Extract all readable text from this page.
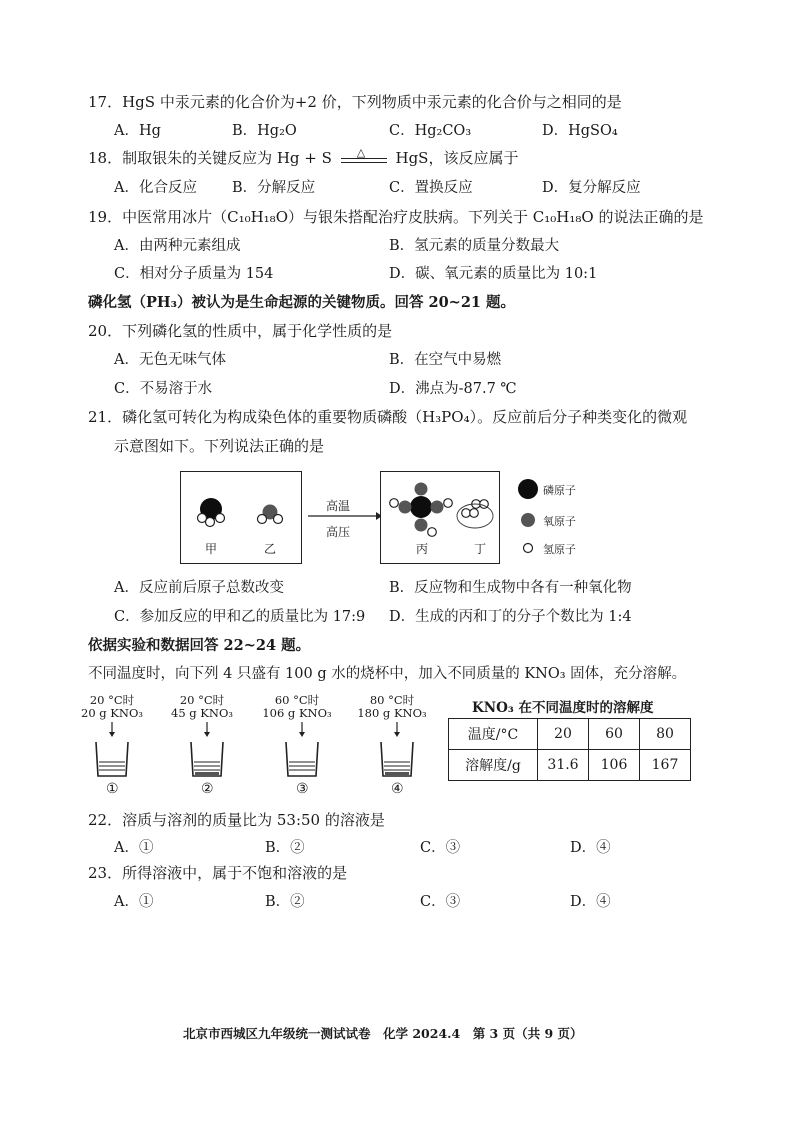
17．HgS 中汞元素的化合价为+2 价，下列物质中汞元素的化合价与之相同的是
A．Hg	B．Hg₂O	C．Hg₂CO₃	D．HgSO₄
18．制取银朱的关键反应为 Hg + S △ HgS，该反应属于
A．化合反应 B．分解反应	C．置换反应	D．复分解反应
19．中医常用冰片（C₁₀H₁₈O）与银朱搭配治疗皮肤病。下列关于 C₁₀H₁₈O 的说法正确的是
A．由两种元素组成	B．氢元素的质量分数最大
C．相对分子质量为 154	D．碳、氧元素的质量比为 10:1
磷化氢（PH₃）被认为是生命起源的关键物质。回答 20~21 题。
20．下列磷化氢的性质中，属于化学性质的是
A．无色无味气体	B．在空气中易燃
C．不易溶于水	D．沸点为-87.7 ℃
21．磷化氢可转化为构成染色体的重要物质磷酸（H₃PO₄）。反应前后分子种类变化的微观
示意图如下。下列说法正确的是
甲	乙
高温
高压
丙	丁
磷原子
氧原子
氢原子
A．反应前后原子总数改变	B．反应物和生成物中各有一种氧化物
C．参加反应的甲和乙的质量比为 17:9 D．生成的丙和丁的分子个数比为 1:4
依据实验和数据回答 22~24 题。
不同温度时，向下列 4 只盛有 100 g 水的烧杯中，加入不同质量的 KNO₃ 固体，充分溶解。
20 °C时
20 g KNO₃
20 °C时
45 g KNO₃
60 °C时
106 g KNO₃
80 °C时
180 g KNO₃
①	②	③	④
KNO₃ 在不同温度时的溶解度
温度/°C	20	60	80
溶解度/g	31.6	106	167
22．溶质与溶剂的质量比为 53:50 的溶液是
A．①	B．②	C．③	D．④
23．所得溶液中，属于不饱和溶液的是
A．①	B．②	C．③	D．④
北京市西城区九年级统一测试试卷　化学 2024.4　第 3 页（共 9 页）
